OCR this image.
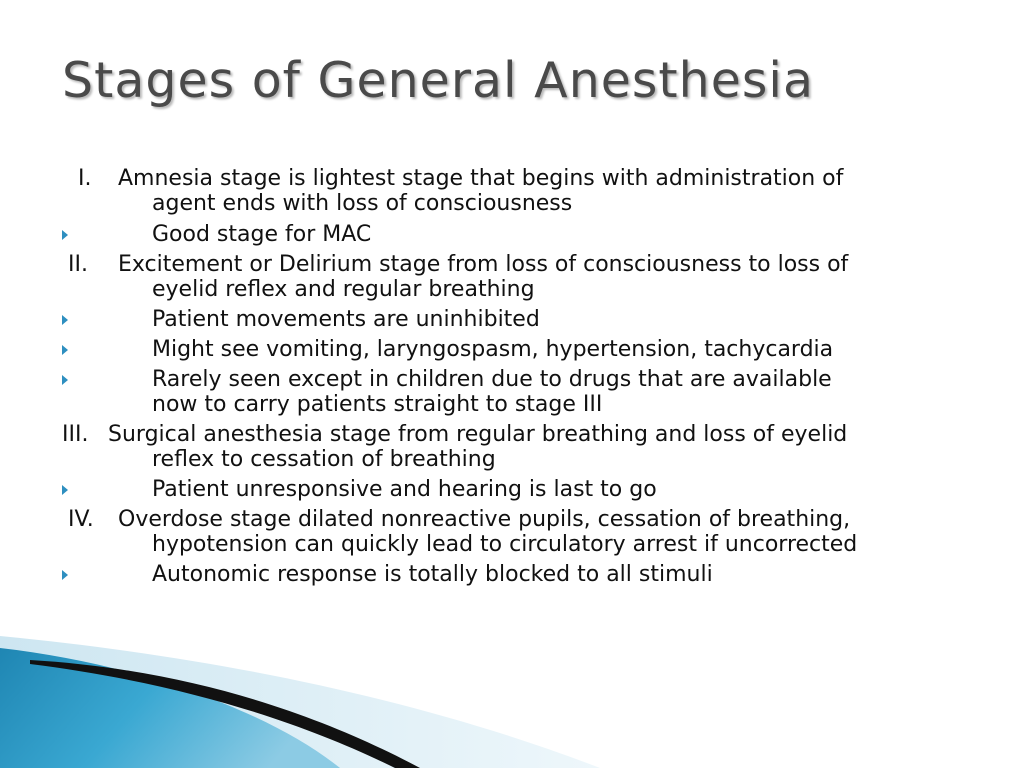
Stages of General Anesthesia
I. Amnesia stage is lightest stage that begins with administration of
agent ends with loss of consciousness
Good stage for MAC
II. Excitement or Delirium stage from loss of consciousness to loss of
eyelid reflex and regular breathing
Patient movements are uninhibited
Might see vomiting, laryngospasm, hypertension, tachycardia
Rarely seen except in children due to drugs that are available
now to carry patients straight to stage III
III. Surgical anesthesia stage from regular breathing and loss of eyelid
reflex to cessation of breathing
Patient unresponsive and hearing is last to go
IV. Overdose stage dilated nonreactive pupils, cessation of breathing,
hypotension can quickly lead to circulatory arrest if uncorrected
Autonomic response is totally blocked to all stimuli
